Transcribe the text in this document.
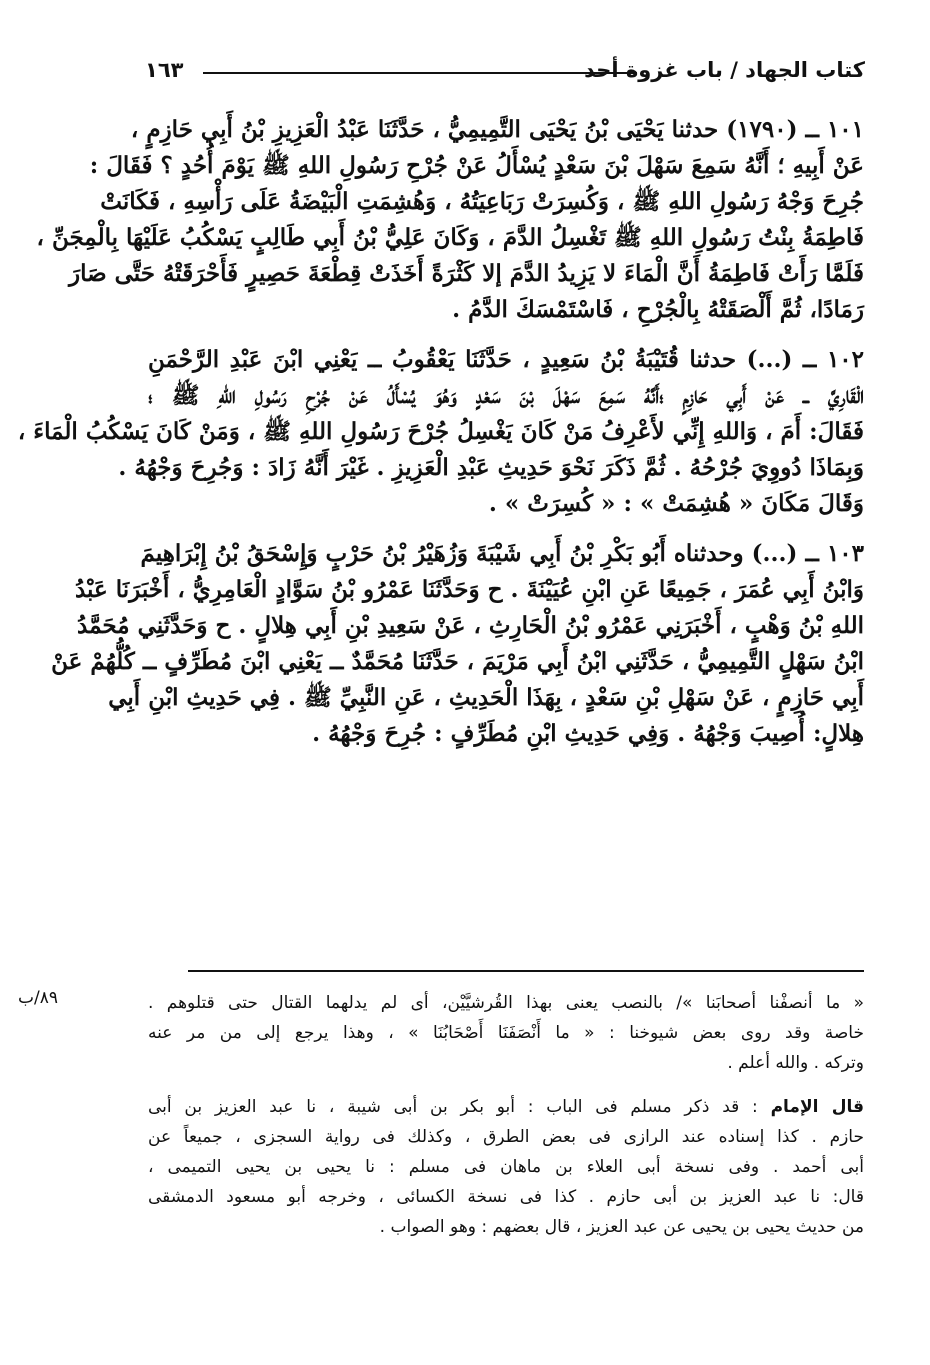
كتاب الجهاد / باب غزوة أحد
١٦٣
١٠١ ــ (١٧٩٠) حدثنا يَحْيَى بْنُ يَحْيَى التَّمِيمِيُّ ، حَدَّثَنَا عَبْدُ الْعَزِيزِ بْنُ أَبِي حَازِمٍ ،
عَنْ أَبِيهِ ؛ أَنَّهُ سَمِعَ سَهْلَ بْنَ سَعْدٍ يُسْأَلُ عَنْ جُرْحِ رَسُولِ اللهِ ﷺ يَوْمَ أُحُدٍ ؟ فَقَالَ :
جُرِحَ وَجْهُ رَسُولِ اللهِ ﷺ ، وَكُسِرَتْ رَبَاعِيَتُهُ ، وَهُشِمَتِ الْبَيْضَةُ عَلَى رَأْسِهِ ، فَكَانَتْ
فَاطِمَةُ بِنْتُ رَسُولِ اللهِ ﷺ تَغْسِلُ الدَّمَ ، وَكَانَ عَلِيُّ بْنُ أَبِي طَالِبٍ يَسْكُبُ عَلَيْهَا بِالْمِجَنِّ ،
فَلَمَّا رَأَتْ فَاطِمَةُ أَنَّ الْمَاءَ لا يَزِيدُ الدَّمَ إلا كَثْرَةً أَخَذَتْ قِطْعَةَ حَصِيرٍ فَأَحْرَقَتْهُ حَتَّى صَارَ
رَمَادًا، ثُمَّ أَلْصَقَتْهُ بِالْجُرْحِ ، فَاسْتَمْسَكَ الدَّمُ .
١٠٢ ــ (...) حدثنا قُتَيْبَةُ بْنُ سَعِيدٍ ، حَدَّثَنَا يَعْقُوبُ ــ يَعْنِي ابْنَ عَبْدِ الرَّحْمَنِ
الْقَارِيَّ ــ عَنْ أَبِي حَازِمٍ ؛أَنَّهُ سَمِعَ سَهْلَ بْنَ سَعْدٍ وَهُوَ يُسْأَلُ عَنْ جُرْحِ رَسُولِ اللهِ ﷺ ؛
فَقَالَ: أَمَ ، وَاللهِ إِنِّي لأَعْرِفُ مَنْ كَانَ يَغْسِلُ جُرْحَ رَسُولِ اللهِ ﷺ ، وَمَنْ كَانَ يَسْكُبُ الْمَاءَ ،
وَبِمَاذَا دُووِيَ جُرْحُهُ . ثُمَّ ذَكَرَ نَحْوَ حَدِيثِ عَبْدِ الْعَزِيزِ . غَيْرَ أَنَّهُ زَادَ : وَجُرِحَ وَجْهُهُ .
وَقَالَ مَكَانَ « هُشِمَتْ » : « كُسِرَتْ » .
١٠٣ ــ (...) وحدثناه أَبُو بَكْرِ بْنُ أَبِي شَيْبَةَ وَزُهَيْرُ بْنُ حَرْبٍ وَإِسْحَقُ بْنُ إِبْرَاهِيمَ
وَابْنُ أَبِي عُمَرَ ، جَمِيعًا عَنِ ابْنِ عُيَيْنَةَ . ح وَحَدَّثَنَا عَمْرُو بْنُ سَوَّادٍ الْعَامِرِيُّ ، أَخْبَرَنَا عَبْدُ
اللهِ بْنُ وَهْبٍ ، أَخْبَرَنِي عَمْرُو بْنُ الْحَارِثِ ، عَنْ سَعِيدِ بْنِ أَبِي هِلالٍ . ح وَحَدَّثَنِي مُحَمَّدُ
ابْنُ سَهْلٍ التَّمِيمِيُّ ، حَدَّثَنِي ابْنُ أَبِي مَرْيَمَ ، حَدَّثَنَا مُحَمَّدٌ ــ يَعْنِي ابْنَ مُطَرِّفٍ ــ كُلُّهُمْ عَنْ
أَبِي حَازِمٍ ، عَنْ سَهْلِ بْنِ سَعْدٍ ، بِهَذَا الْحَدِيثِ ، عَنِ النَّبِيِّ ﷺ . فِي حَدِيثِ ابْنِ أَبِي
هِلالٍ: أُصِيبَ وَجْهُهُ . وَفِي حَدِيثِ ابْنِ مُطَرِّفٍ : جُرِحَ وَجْهُهُ .
٨٩/ب	« ما أنصفْنا أصحابَنا »/ بالنصب يعنى بهذا القُرشيَّيْن، أى لم يدلهما القتال حتى قتلوهم .
خاصة وقد روى بعض شيوخنا : « ما أَنْصَفَنَا أَصْحَابُنَا » ، وهذا يرجع إلى من مر عنه
وتركه . والله أعلم .
قال الإمام : قد ذكر مسلم فى الباب : أبو بكر بن أبى شيبة ، نا عبد العزيز بن أبى
حازم . كذا إسناده عند الرازى فى بعض الطرق ، وكذلك فى رواية السجزى ، جميعاً عن
أبى أحمد . وفى نسخة أبى العلاء بن ماهان فى مسلم : نا يحيى بن يحيى التميمى ،
قال: نا عبد العزيز بن أبى حازم . كذا فى نسخة الكسائى ، وخرجه أبو مسعود الدمشقى
من حديث يحيى بن يحيى عن عبد العزيز ، قال بعضهم : وهو الصواب .
